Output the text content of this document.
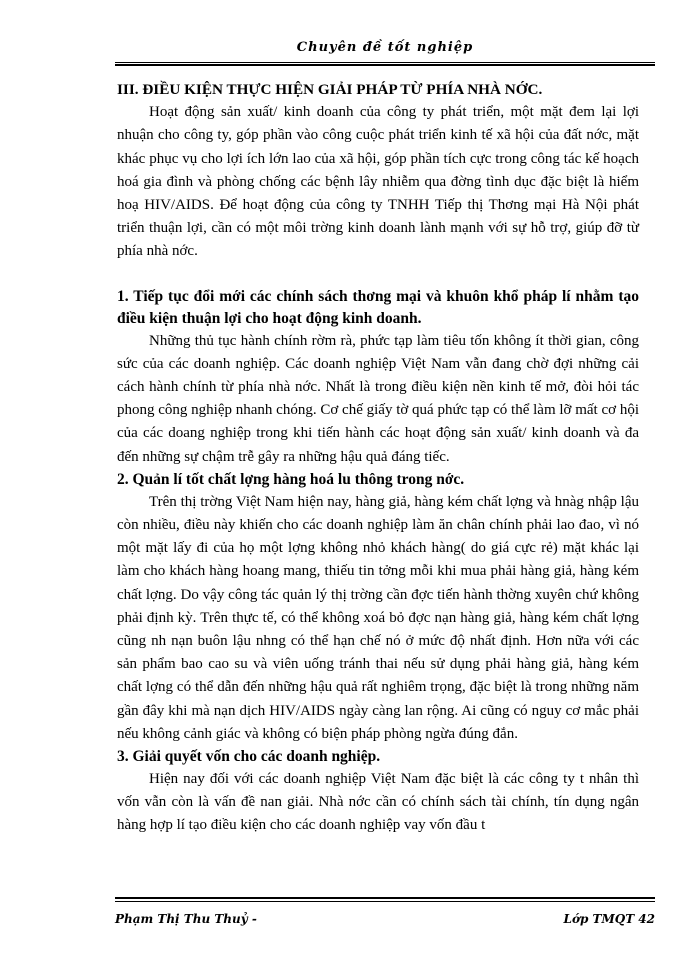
Chuyên đề tốt nghiệp

III. ĐIỀU KIỆN THỰC HIỆN GIẢI PHÁP TỪ PHÍA NHÀ NỚC.

Hoạt động sản xuất/ kinh doanh của công ty phát triển, một mặt đem lại lợi nhuận cho công ty, góp phần vào công cuộc phát triển kinh tế xã hội của đất nớc, mặt khác phục vụ cho lợi ích lớn lao của xã hội, góp phần tích cực trong công tác kế hoạch hoá gia đình và phòng chống các bệnh lây nhiễm qua đờng tình dục đặc biệt là hiểm hoạ HIV/AIDS. Để hoạt động của công ty TNHH Tiếp thị Thơng mại Hà Nội phát triển thuận lợi, cần có một môi trờng kinh doanh lành mạnh với sự hỗ trợ, giúp đỡ từ phía nhà nớc.

1. Tiếp tục đổi mới các chính sách thơng mại và khuôn khổ pháp lí nhằm tạo điều kiện thuận lợi cho hoạt động kinh doanh.

Những thủ tục hành chính rờm rà, phức tạp làm tiêu tốn không ít thời gian, công sức của các doanh nghiệp. Các doanh nghiệp Việt Nam vẫn đang chờ đợi những cải cách hành chính từ phía nhà nớc. Nhất là trong điều kiện nền kinh tế mở, đòi hỏi tác phong công nghiệp nhanh chóng. Cơ chế giấy tờ quá phức tạp có thể làm lỡ mất cơ hội của các doang nghiệp trong khi tiến hành các hoạt động sản xuất/ kinh doanh và đa đến những sự chậm trễ gây ra những hậu quả đáng tiếc.

2. Quản lí tốt chất lợng hàng hoá lu thông trong nớc.

Trên thị trờng Việt Nam hiện nay, hàng giả, hàng kém chất lợng và hnàg nhập lậu còn nhiều, điều này khiến cho các doanh nghiệp làm ăn chân chính phải lao đao, vì nó một mặt lấy đi của họ một lợng không nhỏ khách hàng( do giá cực rẻ) mặt khác lại làm cho khách hàng hoang mang, thiếu tin tởng mỗi khi mua phải hàng giả, hàng kém chất lợng. Do vậy công tác quản lý thị trờng cần đợc tiến hành thờng xuyên chứ không phải định kỳ. Trên thực tế, có thể không xoá bỏ đợc nạn hàng giả, hàng kém chất lợng cũng nh nạn buôn lậu nhng có thể hạn chế nó ở mức độ nhất định. Hơn nữa với các sản phẩm bao cao su và viên uống tránh thai nếu sử dụng phải hàng giả, hàng kém chất lợng có thể dẫn đến những hậu quả rất nghiêm trọng, đặc biệt là trong những năm gần đây khi mà nạn dịch HIV/AIDS ngày càng lan rộng. Ai cũng có nguy cơ mắc phải nếu không cảnh giác và không có biện pháp phòng ngừa đúng đắn.

3. Giải quyết vốn cho các doanh nghiệp.

Hiện nay đối với các doanh nghiệp Việt Nam đặc biệt là các công ty t nhân thì vốn vẫn còn là vấn đề nan giải. Nhà nớc cần có chính sách tài chính, tín dụng ngân hàng hợp lí tạo điều kiện cho các doanh nghiệp vay vốn đầu t

Phạm Thị Thu Thuỷ -	Lớp TMQT 42
